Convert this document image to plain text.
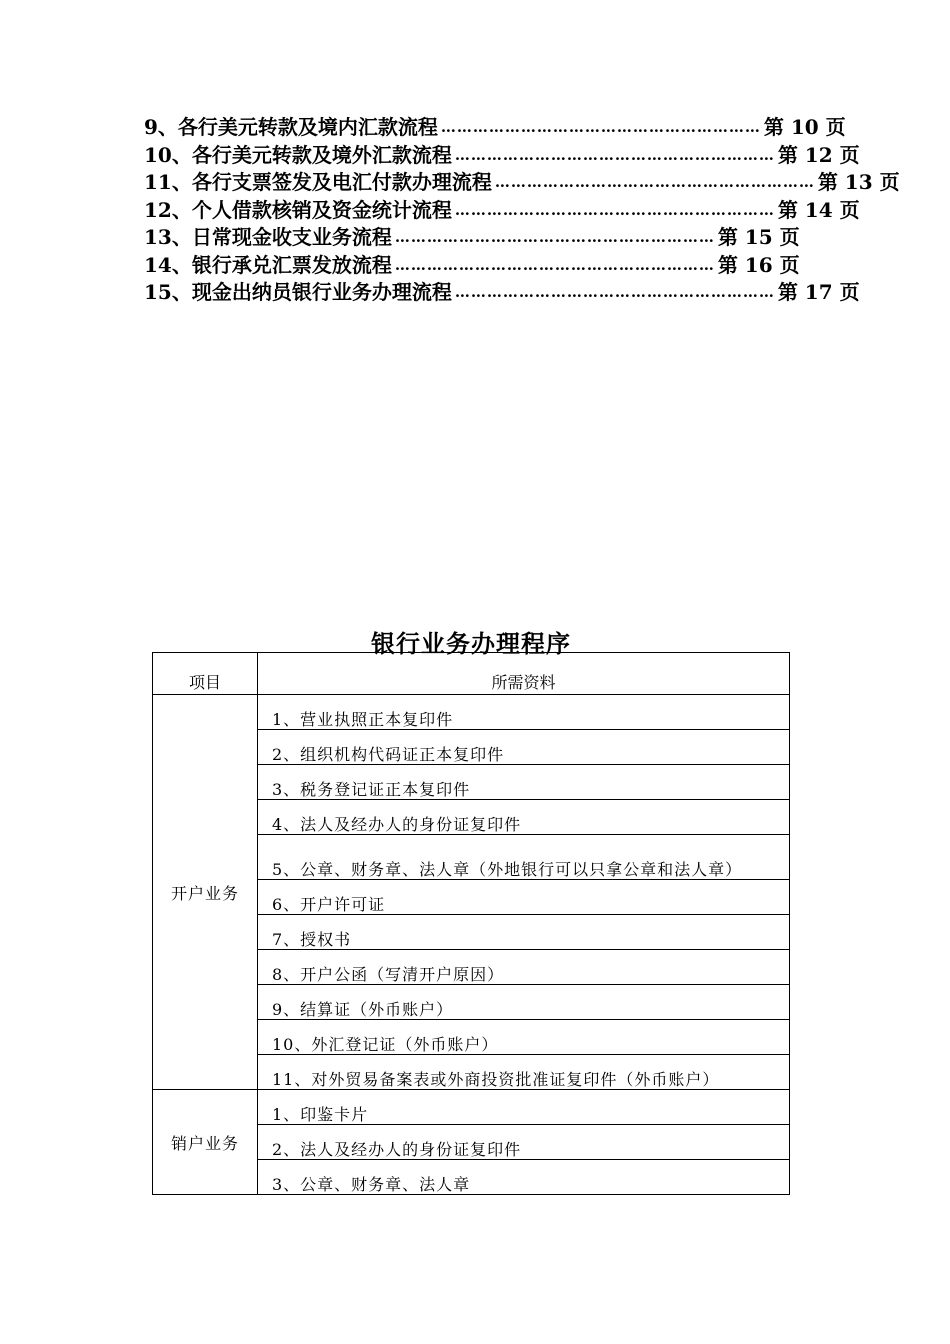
9、各行美元转款及境内汇款流程 …………………………………………………… 第 10 页
10、各行美元转款及境外汇款流程 …………………………………………………… 第 12 页
11、各行支票签发及电汇付款办理流程 …………………………………………………… 第 13 页
12、个人借款核销及资金统计流程 …………………………………………………… 第 14 页
13、日常现金收支业务流程 …………………………………………………… 第 15 页
14、银行承兑汇票发放流程 …………………………………………………… 第 16 页
15、现金出纳员银行业务办理流程 …………………………………………………… 第 17 页
银行业务办理程序
项目	所需资料
开户业务	1、营业执照正本复印件
	2、组织机构代码证正本复印件
	3、税务登记证正本复印件
	4、法人及经办人的身份证复印件
	5、公章、财务章、法人章（外地银行可以只拿公章和法人章）
	6、开户许可证
	7、授权书
	8、开户公函（写清开户原因）
	9、结算证（外币账户）
	10、外汇登记证（外币账户）
	11、对外贸易备案表或外商投资批准证复印件（外币账户）
销户业务	1、印鉴卡片
	2、法人及经办人的身份证复印件
	3、公章、财务章、法人章
